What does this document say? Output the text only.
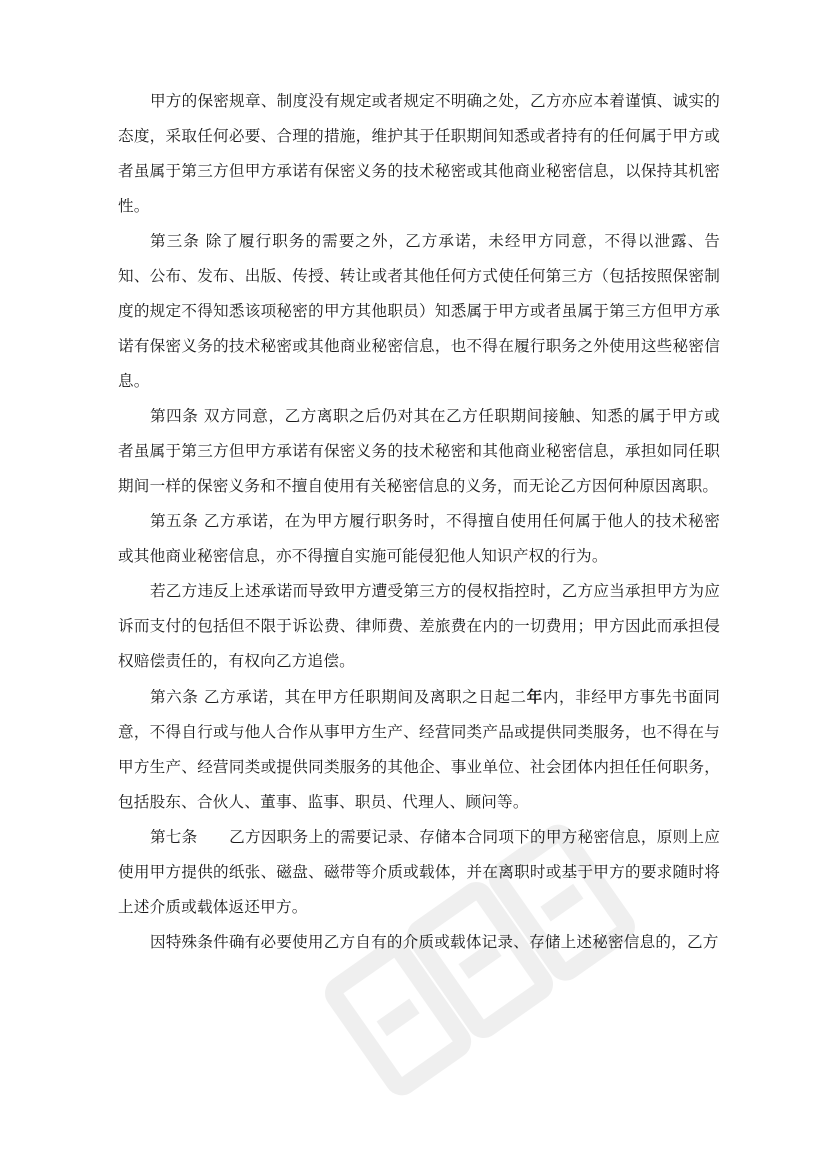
甲方的保密规章、制度没有规定或者规定不明确之处，乙方亦应本着谨慎、诚实的态度，采取任何必要、合理的措施，维护其于任职期间知悉或者持有的任何属于甲方或者虽属于第三方但甲方承诺有保密义务的技术秘密或其他商业秘密信息，以保持其机密性。

第三条 除了履行职务的需要之外，乙方承诺，未经甲方同意，不得以泄露、告知、公布、发布、出版、传授、转让或者其他任何方式使任何第三方（包括按照保密制度的规定不得知悉该项秘密的甲方其他职员）知悉属于甲方或者虽属于第三方但甲方承诺有保密义务的技术秘密或其他商业秘密信息，也不得在履行职务之外使用这些秘密信息。

第四条 双方同意，乙方离职之后仍对其在乙方任职期间接触、知悉的属于甲方或者虽属于第三方但甲方承诺有保密义务的技术秘密和其他商业秘密信息，承担如同任职期间一样的保密义务和不擅自使用有关秘密信息的义务，而无论乙方因何种原因离职。

第五条 乙方承诺，在为甲方履行职务时，不得擅自使用任何属于他人的技术秘密或其他商业秘密信息，亦不得擅自实施可能侵犯他人知识产权的行为。

若乙方违反上述承诺而导致甲方遭受第三方的侵权指控时，乙方应当承担甲方为应诉而支付的包括但不限于诉讼费、律师费、差旅费在内的一切费用；甲方因此而承担侵权赔偿责任的，有权向乙方追偿。

第六条 乙方承诺，其在甲方任职期间及离职之日起二年内，非经甲方事先书面同意，不得自行或与他人合作从事甲方生产、经营同类产品或提供同类服务，也不得在与甲方生产、经营同类或提供同类服务的其他企、事业单位、社会团体内担任任何职务，包括股东、合伙人、董事、监事、职员、代理人、顾问等。

第七条　　乙方因职务上的需要记录、存储本合同项下的甲方秘密信息，原则上应使用甲方提供的纸张、磁盘、磁带等介质或载体，并在离职时或基于甲方的要求随时将上述介质或载体返还甲方。

因特殊条件确有必要使用乙方自有的介质或载体记录、存储上述秘密信息的，乙方
